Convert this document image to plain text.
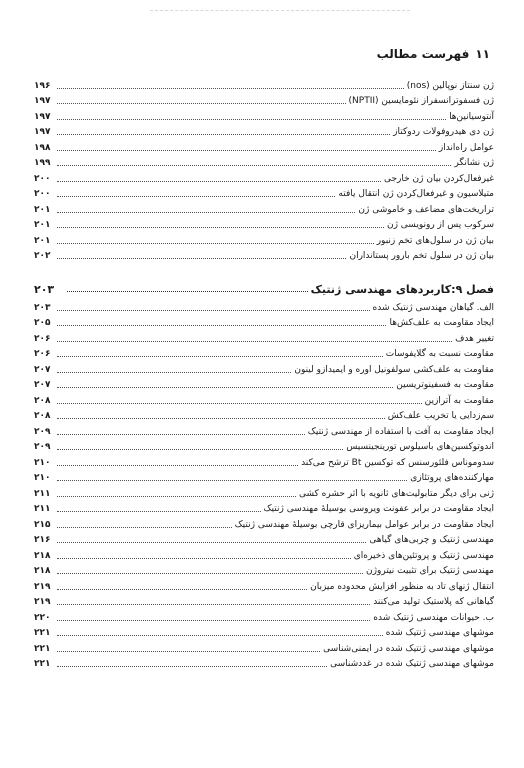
۱۱
فهرست مطالب
ژن سنتاز نوپالین (nos)
۱۹۶
ژن فسفوترانسفراز نئومایسین (NPTII)
۱۹۷
آنتوسیانین‌ها
۱۹۷
ژن دی هیدروفولات ردوکتاز
۱۹۷
عوامل راه‌انداز
۱۹۸
ژن نشانگر
۱۹۹
غیرفعال‌کردن بیان ژن خارجی
۲۰۰
متیلاسیون و غیرفعال‌کردن ژن انتقال یافته
۲۰۰
تراریخت‌های مضاعف و خاموشی ژن
۲۰۱
سرکوب پس از رونویسی ژن
۲۰۱
بیان ژن در سلول‌های تخم زنبور
۲۰۱
بیان ژن در سلول تخم بارور پستانداران
۲۰۲
فصل ۹:کاربردهای مهندسی ژنتیک
۲۰۳
الف. گیاهان مهندسی ژنتیک شده
۲۰۳
ایجاد مقاومت به علف‌کش‌ها
۲۰۵
تغییر هدف
۲۰۶
مقاومت نسبت به گلایفوسات
۲۰۶
مقاومت به علف‌کشی سولفونیل اوره و ایمیدازو لینون
۲۰۷
مقاومت به فسفینوتریسین
۲۰۷
مقاومت به آترازین
۲۰۸
سم‌زدایی یا تخریب علف‌کش
۲۰۸
ایجاد مقاومت به آفت با استفاده از مهندسی ژنتیک
۲۰۹
اندوتوکسین‌های باسیلوس تورینجینسیس
۲۰۹
سدوموناس فلئورسنس که توکسین Bt ترشح می‌کند
۲۱۰
مهارکننده‌های پروتئازی
۲۱۰
ژنی برای دیگر متابولیت‌های ثانویه با اثر حشره کشی
۲۱۱
ایجاد مقاومت در برابر عفونت ویروسی بوسیلهٔ مهندسی ژنتیک
۲۱۱
ایجاد مقاومت در برابر عوامل بیماریزای قارچی بوسیلهٔ مهندسی ژنتیک
۲۱۵
مهندسی ژنتیک و چربی‌های گیاهی
۲۱۶
مهندسی ژنتیک و پروتئین‌های ذخیره‌ای
۲۱۸
مهندسی ژنتیک برای تثبیت نیتروژن
۲۱۸
انتقال ژنهای تاد به منظور افزایش محدوده میزبان
۲۱۹
گیاهانی که پلاستیک تولید می‌کنند
۲۱۹
ب. حیوانات مهندسی ژنتیک شده
۲۲۰
موشهای مهندسی ژنتیک شده
۲۲۱
موشهای مهندسی ژنتیک شده در ایمنی‌شناسی
۲۲۱
موشهای مهندسی ژنتیک شده در غدد‌شناسی
۲۲۱
